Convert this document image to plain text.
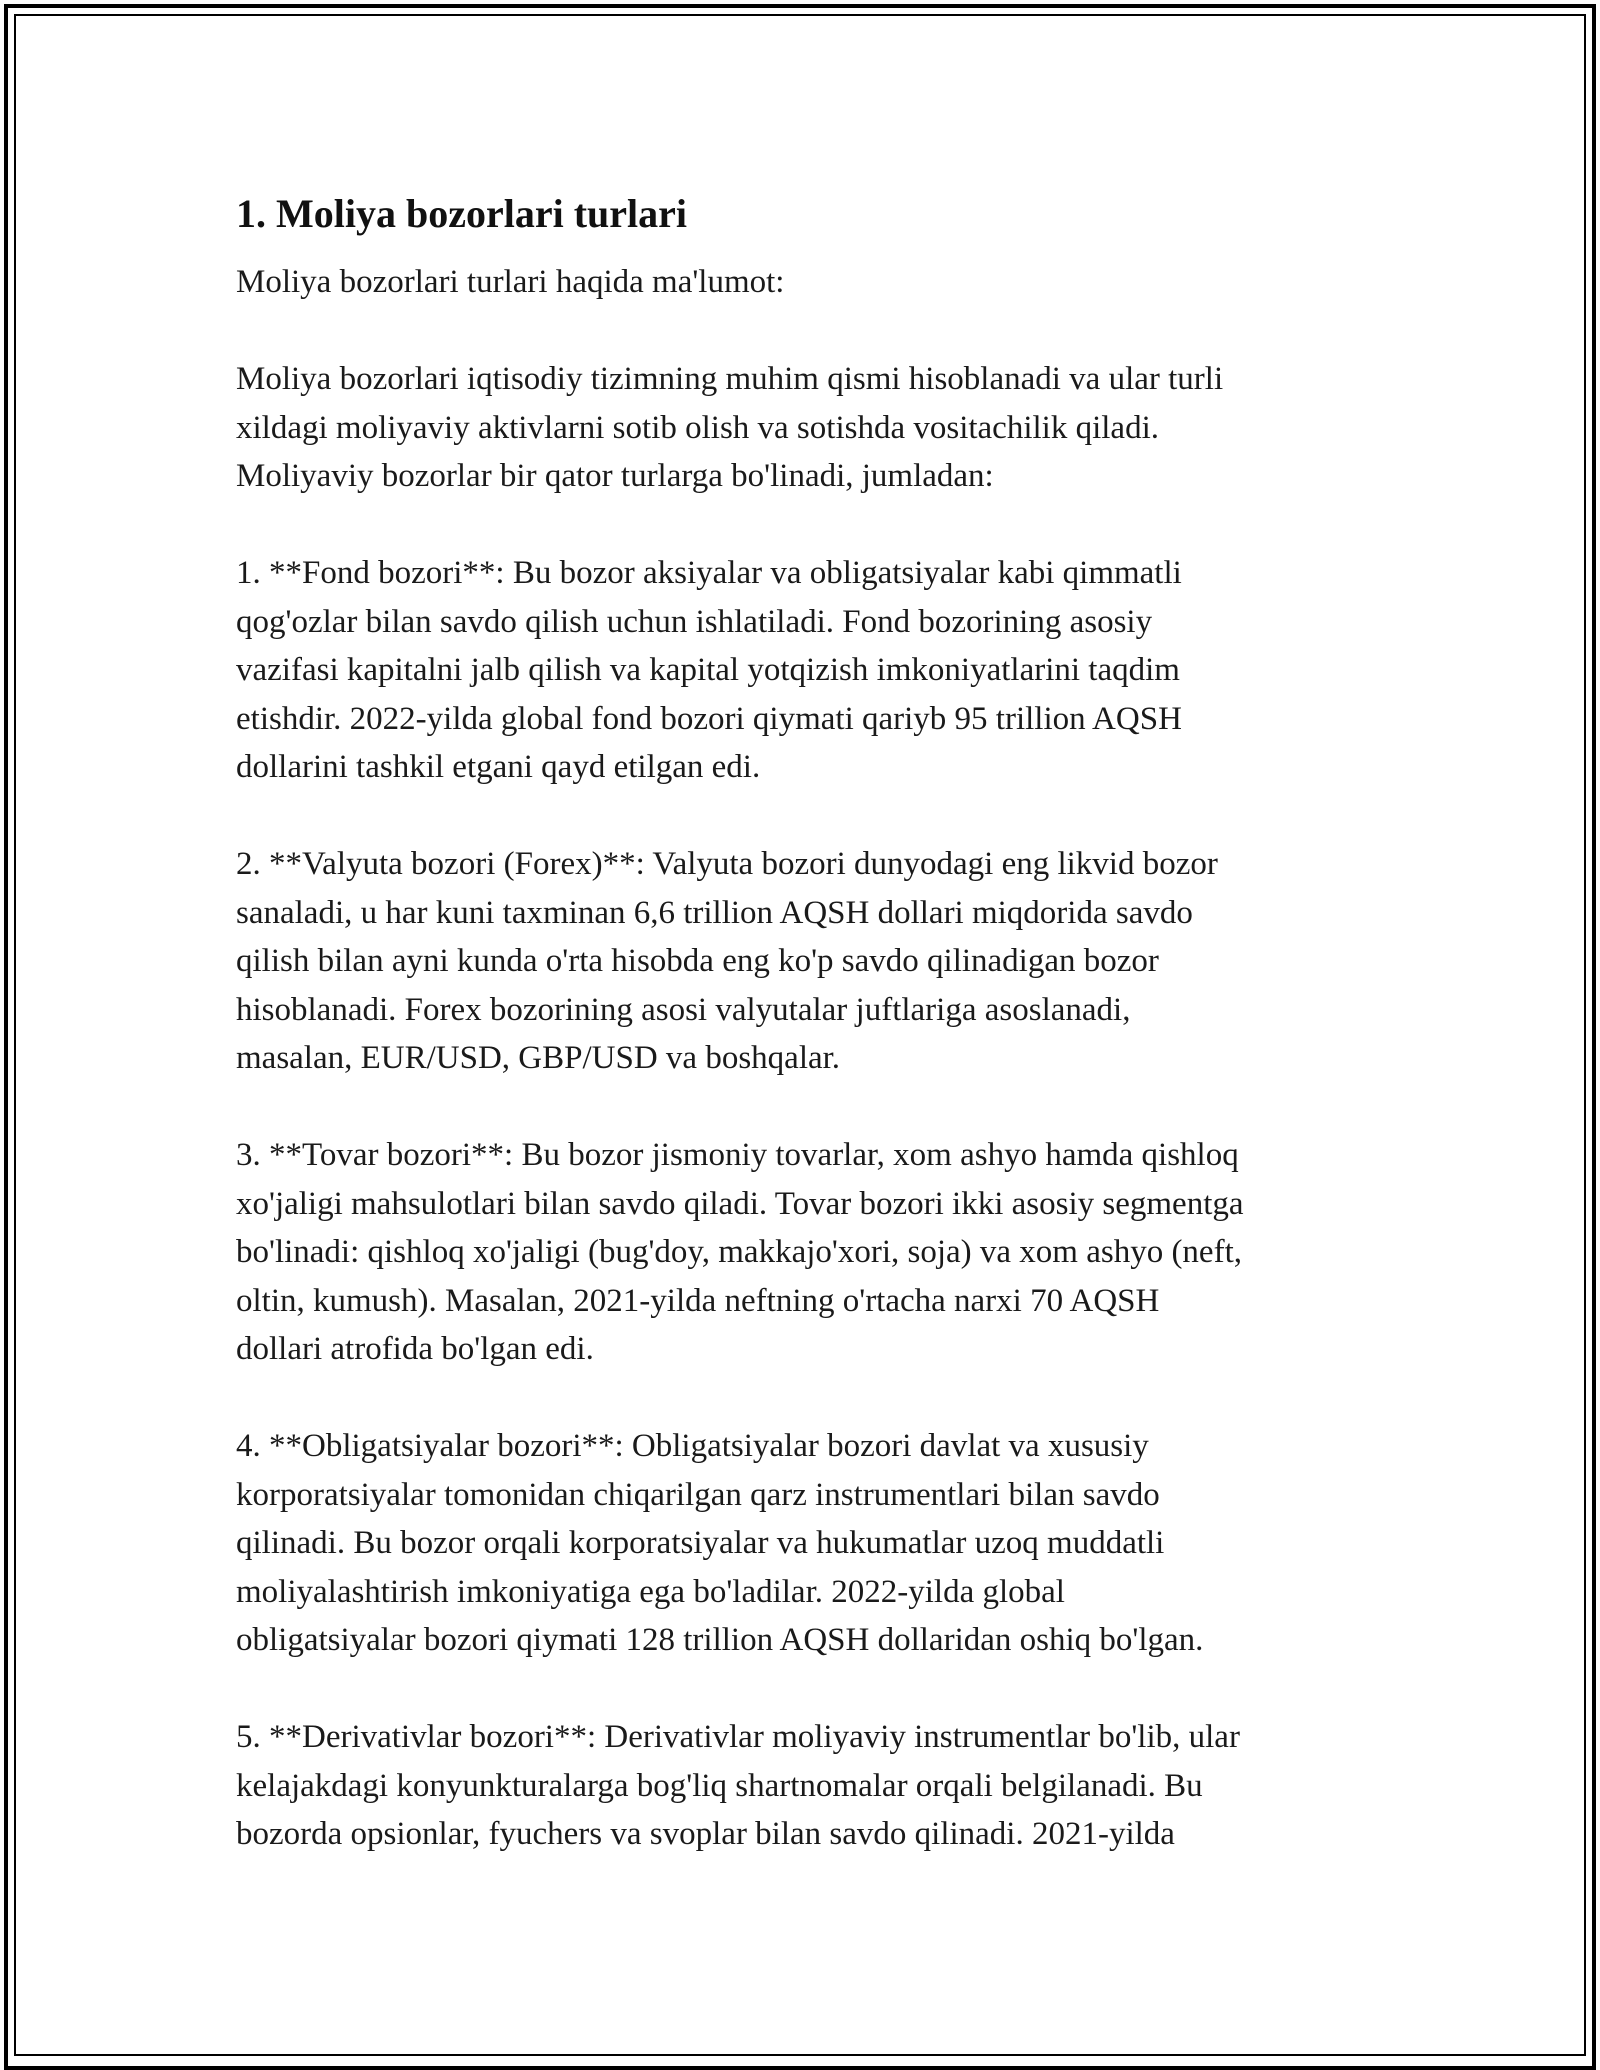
1. Moliya bozorlari turlari

Moliya bozorlari turlari haqida ma'lumot:

Moliya bozorlari iqtisodiy tizimning muhim qismi hisoblanadi va ular turli
xildagi moliyaviy aktivlarni sotib olish va sotishda vositachilik qiladi.
Moliyaviy bozorlar bir qator turlarga bo'linadi, jumladan:

1. **Fond bozori**: Bu bozor aksiyalar va obligatsiyalar kabi qimmatli
qog'ozlar bilan savdo qilish uchun ishlatiladi. Fond bozorining asosiy
vazifasi kapitalni jalb qilish va kapital yotqizish imkoniyatlarini taqdim
etishdir. 2022-yilda global fond bozori qiymati qariyb 95 trillion AQSH
dollarini tashkil etgani qayd etilgan edi.

2. **Valyuta bozori (Forex)**: Valyuta bozori dunyodagi eng likvid bozor
sanaladi, u har kuni taxminan 6,6 trillion AQSH dollari miqdorida savdo
qilish bilan ayni kunda o'rta hisobda eng ko'p savdo qilinadigan bozor
hisoblanadi. Forex bozorining asosi valyutalar juftlariga asoslanadi,
masalan, EUR/USD, GBP/USD va boshqalar.

3. **Tovar bozori**: Bu bozor jismoniy tovarlar, xom ashyo hamda qishloq
xo'jaligi mahsulotlari bilan savdo qiladi. Tovar bozori ikki asosiy segmentga
bo'linadi: qishloq xo'jaligi (bug'doy, makkajo'xori, soja) va xom ashyo (neft,
oltin, kumush). Masalan, 2021-yilda neftning o'rtacha narxi 70 AQSH
dollari atrofida bo'lgan edi.

4. **Obligatsiyalar bozori**: Obligatsiyalar bozori davlat va xususiy
korporatsiyalar tomonidan chiqarilgan qarz instrumentlari bilan savdo
qilinadi. Bu bozor orqali korporatsiyalar va hukumatlar uzoq muddatli
moliyalashtirish imkoniyatiga ega bo'ladilar. 2022-yilda global
obligatsiyalar bozori qiymati 128 trillion AQSH dollaridan oshiq bo'lgan.

5. **Derivativlar bozori**: Derivativlar moliyaviy instrumentlar bo'lib, ular
kelajakdagi konyunkturalarga bog'liq shartnomalar orqali belgilanadi. Bu
bozorda opsionlar, fyuchers va svoplar bilan savdo qilinadi. 2021-yilda
